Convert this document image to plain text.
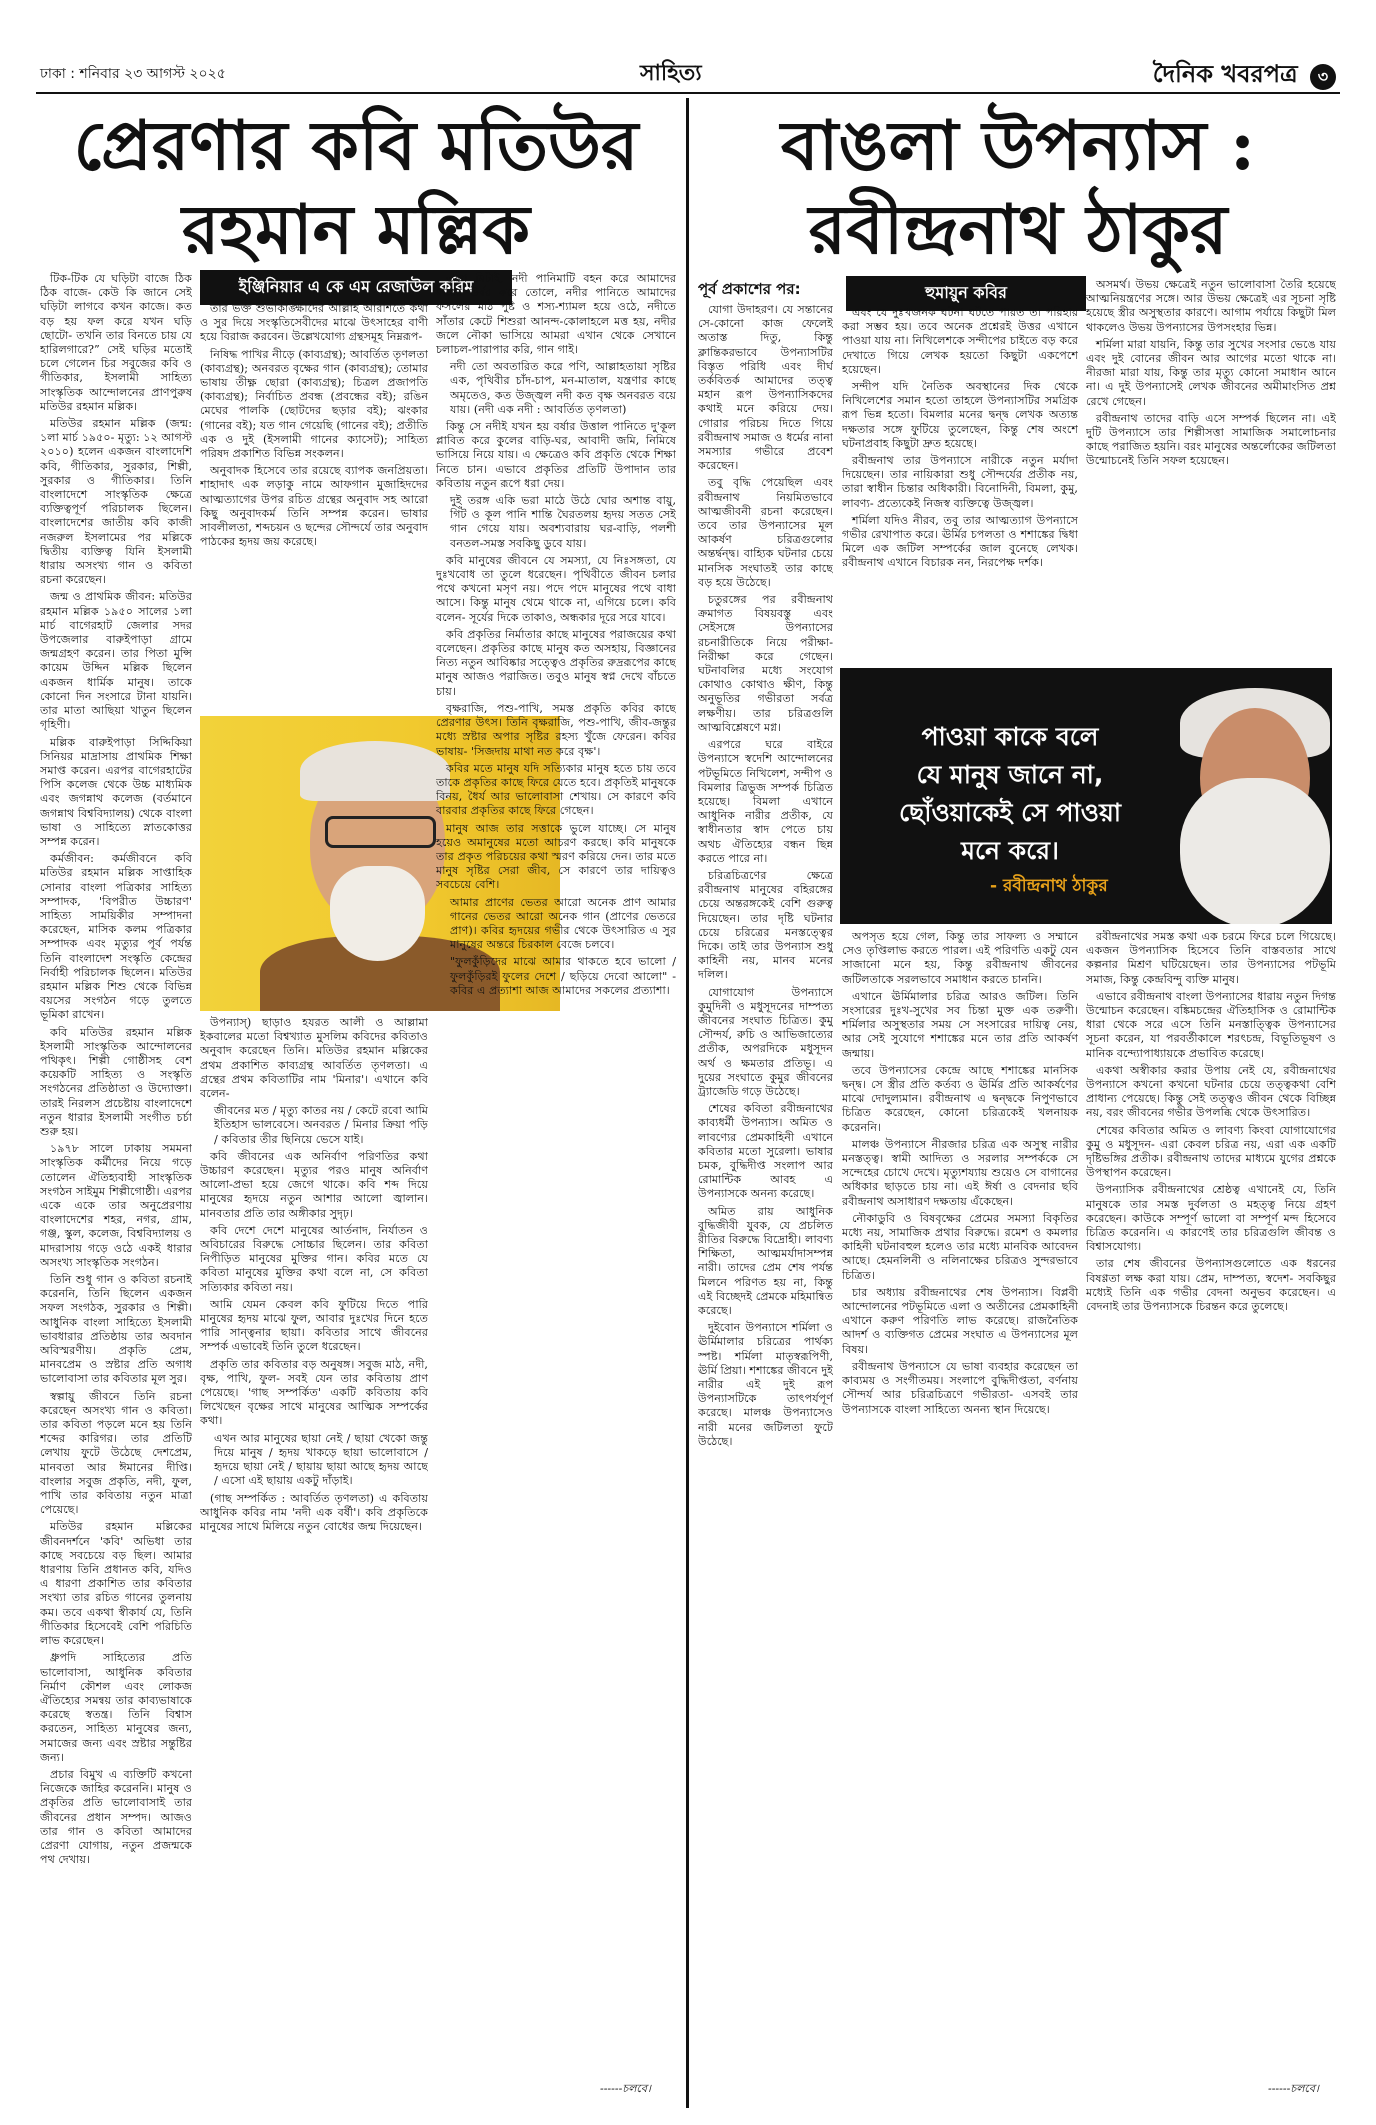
ঢাকা : শনিবার ২৩ আগস্ট ২০২৫	সাহিত্য	দৈনিক খবরপত্র ৩
প্রেরণার কবি মতিউর
রহমান মল্লিক
ইঞ্জিনিয়ার এ কে এম রেজাউল করিম

টিক-টিক যে ঘড়িটা বাজে ঠিক ঠিক বাজে- কেউ কি জানে সেই ঘড়িটা লাগবে কখন কাজে। কত বড় হয় ফল করে যখন ঘড়ি ছোটো- তখনি তার বিনতে চায় যে হারিলগারে?” সেই ঘড়ির মতোই চলে গেলেন চির সবুজের কবি ও গীতিকার, ইসলামী সাহিত্য সাংস্কৃতিক আন্দোলনের প্রাণপুরুষ মতিউর রহমান মল্লিক।

মতিউর রহমান মল্লিক (জন্ম: ১লা মার্চ ১৯৫০- মৃত্যু: ১২ আগস্ট ২০১০) হলেন একজন বাংলাদেশি কবি, গীতিকার, সুরকার, শিল্পী, সুরকার ও গীতিকার। তিনি বাংলাদেশে সাংস্কৃতিক ক্ষেত্রে ব্যক্তিত্বপূর্ণ পরিচালক ছিলেন। বাংলাদেশের জাতীয় কবি কাজী নজরুল ইসলামের পর মল্লিকে দ্বিতীয় ব্যক্তিত্ব যিনি ইসলামী ধারায় অসংখ্য গান ও কবিতা রচনা করেছেন।

জন্ম ও প্রাথমিক জীবন: মতিউর রহমান মল্লিক ১৯৫০ সালের ১লা মার্চ বাগেরহাট জেলার সদর উপজেলার বারুইপাড়া গ্রামে জন্মগ্রহণ করেন। তার পিতা মুন্সি কায়েম উদ্দিন মল্লিক ছিলেন একজন ধার্মিক মানুষ। তাকে কোনো দিন সংসারে টানা যায়নি। তার মাতা আছিয়া খাতুন ছিলেন গৃহিণী।

মল্লিক বারুইপাড়া সিদ্দিকিয়া সিনিয়র মাদ্রাসায় প্রাথমিক শিক্ষা সমাপ্ত করেন। এরপর বাগেরহাটের পিসি কলেজ থেকে উচ্চ মাধ্যমিক এবং জগন্নাথ কলেজ (বর্তমানে জগন্নাথ বিশ্ববিদ্যালয়) থেকে বাংলা ভাষা ও সাহিত্যে স্নাতকোত্তর সম্পন্ন করেন।

কর্মজীবন: কর্মজীবনে কবি মতিউর রহমান মল্লিক সাপ্তাহিক সোনার বাংলা পত্রিকার সাহিত্য সম্পাদক, 'বিপরীত উচ্চারণ' সাহিত্য সাময়িকীর সম্পাদনা করেছেন, মাসিক কলম পত্রিকার সম্পাদক এবং মৃত্যুর পূর্ব পর্যন্ত তিনি বাংলাদেশ সংস্কৃতি কেন্দ্রের নির্বাহী পরিচালক ছিলেন। মতিউর রহমান মল্লিক শিশু থেকে বিভিন্ন বয়সের সংগঠন গড়ে তুলতে ভূমিকা রাখেন।

কবি মতিউর রহমান মল্লিক ইসলামী সাংস্কৃতিক আন্দোলনের পথিকৃৎ। শিল্পী গোষ্ঠীসহ বেশ কয়েকটি সাহিত্য ও সংস্কৃতি সংগঠনের প্রতিষ্ঠাতা ও উদ্যোক্তা। তারই নিরলস প্রচেষ্টায় বাংলাদেশে নতুন ধারার ইসলামী সংগীত চর্চা শুরু হয়।

১৯৭৮ সালে ঢাকায় সমমনা সাংস্কৃতিক কর্মীদের নিয়ে গড়ে তোলেন ঐতিহ্যবাহী সাংস্কৃতিক সংগঠন সাইমুম শিল্পীগোষ্ঠী। এরপর একে একে তার অনুপ্রেরণায় বাংলাদেশের শহর, নগর, গ্রাম, গঞ্জ, স্কুল, কলেজ, বিশ্ববিদ্যালয় ও মাদরাসায় গড়ে ওঠে একই ধারার অসংখ্য সাংস্কৃতিক সংগঠন।

তিনি শুধু গান ও কবিতা রচনাই করেননি, তিনি ছিলেন একজন সফল সংগঠক, সুরকার ও শিল্পী। আধুনিক বাংলা সাহিত্যে ইসলামী ভাবধারার প্রতিষ্ঠায় তার অবদান অবিস্মরণীয়। প্রকৃতি প্রেম, মানবপ্রেম ও স্রষ্টার প্রতি অগাধ ভালোবাসা তার কবিতার মূল সুর।

স্বল্পায়ু জীবনে তিনি রচনা করেছেন অসংখ্য গান ও কবিতা। তার কবিতা পড়লে মনে হয় তিনি শব্দের কারিগর। তার প্রতিটি লেখায় ফুটে উঠেছে দেশপ্রেম, মানবতা আর ঈমানের দীপ্তি। বাংলার সবুজ প্রকৃতি, নদী, ফুল, পাখি তার কবিতায় নতুন মাত্রা পেয়েছে।

মতিউর রহমান মল্লিকের জীবনদর্শনে 'কবি' অভিধা তার কাছে সবচেয়ে বড় ছিল। আমার ধারণায় তিনি প্রধানত কবি, যদিও এ ধারণা প্রকাশিত তার কবিতার সংখ্যা তার রচিত গানের তুলনায় কম। তবে একথা স্বীকার্য যে, তিনি গীতিকার হিসেবেই বেশি পরিচিতি লাভ করেছেন।

ধ্রুপদি সাহিত্যের প্রতি ভালোবাসা, আধুনিক কবিতার নির্মাণ কৌশল এবং লোকজ ঐতিহ্যের সমন্বয় তার কাব্যভাষাকে করেছে স্বতন্ত্র। তিনি বিশ্বাস করতেন, সাহিত্য মানুষের জন্য, সমাজের জন্য এবং স্রষ্টার সন্তুষ্টির জন্য।

প্রচার বিমুখ এ ব্যক্তিটি কখনো নিজেকে জাহির করেননি। মানুষ ও প্রকৃতির প্রতি ভালোবাসাই তার জীবনের প্রধান সম্পদ। আজও তার গান ও কবিতা আমাদের প্রেরণা যোগায়, নতুন প্রজন্মকে পথ দেখায়।

তার ভক্ত শুভাকাঙ্ক্ষীদের আল্লাহ আরশিতে কথা ও সুর দিয়ে সংস্কৃতিসেবীদের মাঝে উৎসাহের বাণী হয়ে বিরাজ করবেন। উল্লেখযোগ্য গ্রন্থসমূহ নিম্নরূপ-

নিষিদ্ধ পাখির নীড়ে (কাব্যগ্রন্থ); আবর্তিত তৃণলতা (কাব্যগ্রন্থ); অনবরত বৃক্ষের গান (কাব্যগ্রন্থ); তোমার ভাষায় তীক্ষ্ণ ছোরা (কাব্যগ্রন্থ); চিত্রল প্রজাপতি (কাব্যগ্রন্থ); নির্বাচিত প্রবন্ধ (প্রবন্ধের বই); রঙিন মেঘের পালকি (ছোটদের ছড়ার বই); ঝংকার (গানের বই); যত গান গেয়েছি (গানের বই); প্রতীতি এক ও দুই (ইসলামী গানের ক্যাসেট); সাহিত্য পরিষদ প্রকাশিত বিভিন্ন সংকলন।

অনুবাদক হিসেবে তার রয়েছে ব্যাপক জনপ্রিয়তা। শাহাদাৎ এক লড়াকু নামে আফগান মুজাহিদদের আত্মত্যাগের উপর রচিত গ্রন্থের অনুবাদ সহ আরো কিছু অনুবাদকর্ম তিনি সম্পন্ন করেন। ভাষার সাবলীলতা, শব্দচয়ন ও ছন্দের সৌন্দর্যে তার অনুবাদ পাঠকের হৃদয় জয় করেছে।

উপন্যাস্) ছাড়াও হযরত আলী ও আল্লামা ইকবালের মতো বিশ্বখ্যাত মুসলিম কবিদের কবিতাও অনুবাদ করেছেন তিনি। মতিউর রহমান মল্লিকের প্রথম প্রকাশিত কাব্যগ্রন্থ আবর্তিত তৃণলতা। এ গ্রন্থের প্রথম কবিতাটির নাম 'মিনার'। এখানে কবি বলেন-

জীবনের মত / মৃত্যু কাতর নয় / কেটে রবো আমি ইতিহাস ভালবেসে। অনবরত / মিনার ক্রিয়া পড়ি / কবিতার তীর ছিনিয়ে ভেসে যাই।

কবি জীবনের এক অনির্বাণ পরিণতির কথা উচ্চারণ করেছেন। মৃত্যুর পরও মানুষ অনির্বাণ আলো-প্রভা হয়ে জেগে থাকে। কবি শব্দ দিয়ে মানুষের হৃদয়ে নতুন আশার আলো জ্বালান। মানবতার প্রতি তার অঙ্গীকার সুদৃঢ়।

কবি দেশে দেশে মানুষের আর্তনাদ, নির্যাতন ও অবিচারের বিরুদ্ধে সোচ্চার ছিলেন। তার কবিতা নিপীড়িত মানুষের মুক্তির গান। কবির মতে যে কবিতা মানুষের মুক্তির কথা বলে না, সে কবিতা সত্যিকার কবিতা নয়।

আমি যেমন কেবল কবি ফুটিয়ে দিতে পারি মানুষের হৃদয় মাঝে ফুল, আবার দুঃখের দিনে হতে পারি সান্ত্বনার ছায়া। কবিতার সাথে জীবনের সম্পর্ক এভাবেই তিনি তুলে ধরেছেন।

প্রকৃতি তার কবিতার বড় অনুষঙ্গ। সবুজ মাঠ, নদী, বৃক্ষ, পাখি, ফুল- সবই যেন তার কবিতায় প্রাণ পেয়েছে। 'গাছ সম্পর্কিত' একটি কবিতায় কবি লিখেছেন বৃক্ষের সাথে মানুষের আত্মিক সম্পর্কের কথা।

এখন আর মানুষের ছায়া নেই / ছায়া খেকো জন্তু দিয়ে মানুষ / হৃদয় খাকড়ে ছায়া ভালোবাসে / হৃদয়ে ছায়া নেই / ছায়ায় ছায়া আছে হৃদয় আছে / এসো এই ছায়ায় একটু দাঁড়াই।

(গাছ সম্পর্কিত : আবর্তিত তৃণলতা) এ কবিতায় আধুনিক কবির নাম 'নদী এক বর্ষী'। কবি প্রকৃতিকে মানুষের সাথে মিলিয়ে নতুন বোধের জন্ম দিয়েছেন।

তৃষ্ণা মিটাই, নদী পানিমাটি বহন করে আমাদের মাঠের উর্বর করে তোলে, নদীর পানিতে আমাদের ফসলের মাঠ পুষ্ট ও শস্য-শ্যামল হয়ে ওঠে, নদীতে সাঁতার কেটে শিশুরা আনন্দ-কোলাহলে মত্ত হয়, নদীর জলে নৌকা ভাসিয়ে আমরা এখান থেকে সেখানে চলাচল-পারাপার করি, গান গাই।

নদী তো অবতারিত করে পণি, আল্লাহতায়া সৃষ্টির এক, পৃথিবীর চাঁদ-চাপ, মন-মাতাল, যন্ত্রণার কাছে অমৃতেও, কত উজ্জ্বল নদী কত বৃক্ষ অনবরত বয়ে যায়। (নদী এক নদী : আবর্তিত তৃণলতা)

কিন্তু সে নদীই যখন হয় বর্ষার উত্তাল পানিতে দু'কূল প্লাবিত করে কুলের বাড়ি-ঘর, আবাদী জমি, নিমিষে ভাসিয়ে নিয়ে যায়। এ ক্ষেত্রেও কবি প্রকৃতি থেকে শিক্ষা নিতে চান। এভাবে প্রকৃতির প্রতিটি উপাদান তার কবিতায় নতুন রূপে ধরা দেয়।

দুই তরঙ্গ একি ভরা মাঠে উঠে ঘোর অশান্ত বায়ু, গিঁট ও কূল পানি শান্তি ঘৈরতলয় হৃদয় সতত সেই গান গেয়ে যায়। অবশ্যবারায় ঘর-বাড়ি, পলশী বনতল-সমস্ত সবকিছু ডুবে যায়।

কবি মানুষের জীবনে যে সমস্যা, যে নিঃসঙ্গতা, যে দুঃখবোধ তা তুলে ধরেছেন। পৃথিবীতে জীবন চলার পথে কখনো মসৃণ নয়। পদে পদে মানুষের পথে বাধা আসে। কিন্তু মানুষ থেমে থাকে না, এগিয়ে চলে। কবি বলেন- সূর্যের দিকে তাকাও, অন্ধকার দূরে সরে যাবে।

কবি প্রকৃতির নির্মাতার কাছে মানুষের পরাজয়ের কথা বলেছেন। প্রকৃতির কাছে মানুষ কত অসহায়, বিজ্ঞানের নিত্য নতুন আবিষ্কার সত্ত্বেও প্রকৃতির রুদ্ররূপের কাছে মানুষ আজও পরাজিত। তবুও মানুষ স্বপ্ন দেখে বাঁচতে চায়।

বৃক্ষরাজি, পশু-পাখি, সমস্ত প্রকৃতি কবির কাছে প্রেরণার উৎস। তিনি বৃক্ষরাজি, পশু-পাখি, জীব-জন্তুর মধ্যে স্রষ্টার অপার সৃষ্টির রহস্য খুঁজে ফেরেন। কবির ভাষায়- 'সিজদায় মাথা নত করে বৃক্ষ'।

কবির মতে মানুষ যদি সত্যিকার মানুষ হতে চায় তবে তাকে প্রকৃতির কাছে ফিরে যেতে হবে। প্রকৃতিই মানুষকে বিনয়, ধৈর্য আর ভালোবাসা শেখায়। সে কারণে কবি বারবার প্রকৃতির কাছে ফিরে গেছেন।

মানুষ আজ তার সত্তাকে ভুলে যাচ্ছে। সে মানুষ হয়েও অমানুষের মতো আচরণ করছে। কবি মানুষকে তার প্রকৃত পরিচয়ের কথা স্মরণ করিয়ে দেন। তার মতে মানুষ সৃষ্টির সেরা জীব, সে কারণে তার দায়িত্বও সবচেয়ে বেশি।

আমার প্রাণের ভেতর আরো অনেক প্রাণ আমার গানের ভেতর আরো অনেক গান (প্রাণের ভেতরে প্রাণ)। কবির হৃদয়ের গভীর থেকে উৎসারিত এ সুর মানুষের অন্তরে চিরকাল বেজে চলবে।

"ফুলকুঁড়িদের মাঝে আমার থাকতে হবে ভালো / ফুলকুঁড়িরই ফুলের দেশে / ছড়িয়ে দেবো আলো" - কবির এ প্রত্যাশা আজ আমাদের সকলের প্রত্যাশা।

------চলবে।
বাঙলা উপন্যাস :
রবীন্দ্রনাথ ঠাকুর
পূর্ব প্রকাশের পর:

যোগা উদাহরণ। যে সন্তানের সে-কোনো কাজ ফেলেই অতাস্ত দিতু, কিন্তু ক্লান্তিকরভাবে উপন্যাসটির বিস্তৃত পরিধি এবং দীর্ঘ তর্কবিতর্ক আমাদের তত্ত্ব মহান রূপ উপন্যাসিকদের কথাই মনে করিয়ে দেয়। গোরার পরিচয় দিতে গিয়ে রবীন্দ্রনাথ সমাজ ও ধর্মের নানা সমস্যার গভীরে প্রবেশ করেছেন।

তবু বৃদ্ধি পেয়েছিল এবং রবীন্দ্রনাথ নিয়মিতভাবে আত্মজীবনী রচনা করেছেন। তবে তার উপন্যাসের মূল আকর্ষণ চরিত্রগুলোর অন্তর্দ্বন্দ্ব। বাহ্যিক ঘটনার চেয়ে মানসিক সংঘাতই তার কাছে বড় হয়ে উঠেছে।

চতুরঙ্গের পর রবীন্দ্রনাথ ক্রমাগত বিষয়বস্তু এবং সেইসঙ্গে উপন্যাসের রচনারীতিকে নিয়ে পরীক্ষা-নিরীক্ষা করে গেছেন। ঘটনাবলির মধ্যে সংযোগ কোথাও কোথাও ক্ষীণ, কিন্তু অনুভূতির গভীরতা সর্বত্র লক্ষণীয়। তার চরিত্রগুলি আত্মবিশ্লেষণে মগ্ন।

এরপরে ঘরে বাইরে উপন্যাসে স্বদেশি আন্দোলনের পটভূমিতে নিখিলেশ, সন্দীপ ও বিমলার ত্রিভুজ সম্পর্ক চিত্রিত হয়েছে। বিমলা এখানে আধুনিক নারীর প্রতীক, যে স্বাধীনতার স্বাদ পেতে চায় অথচ ঐতিহ্যের বন্ধন ছিন্ন করতে পারে না।

চরিত্রচিত্রণের ক্ষেত্রে রবীন্দ্রনাথ মানুষের বহিরঙ্গের চেয়ে অন্তরঙ্গকেই বেশি গুরুত্ব দিয়েছেন। তার দৃষ্টি ঘটনার চেয়ে চরিত্রের মনস্তত্ত্বের দিকে। তাই তার উপন্যাস শুধু কাহিনী নয়, মানব মনের দলিল।

যোগাযোগ উপন্যাসে কুমুদিনী ও মধুসূদনের দাম্পত্য জীবনের সংঘাত চিত্রিত। কুমু সৌন্দর্য, রুচি ও আভিজাত্যের প্রতীক, অপরদিকে মধুসূদন অর্থ ও ক্ষমতার প্রতিভূ। এ দুয়ের সংঘাতে কুমুর জীবনের ট্র্যাজেডি গড়ে উঠেছে।

শেষের কবিতা রবীন্দ্রনাথের কাব্যধর্মী উপন্যাস। অমিত ও লাবণ্যের প্রেমকাহিনী এখানে কবিতার মতো সুরেলা। ভাষার চমক, বুদ্ধিদীপ্ত সংলাপ আর রোমান্টিক আবহ এ উপন্যাসকে অনন্য করেছে।

অমিত রায় আধুনিক বুদ্ধিজীবী যুবক, যে প্রচলিত রীতির বিরুদ্ধে বিদ্রোহী। লাবণ্য শিক্ষিতা, আত্মমর্যাদাসম্পন্ন নারী। তাদের প্রেম শেষ পর্যন্ত মিলনে পরিণত হয় না, কিন্তু এই বিচ্ছেদই প্রেমকে মহিমান্বিত করেছে।

দুইবোন উপন্যাসে শর্মিলা ও ঊর্মিমালার চরিত্রের পার্থক্য স্পষ্ট। শর্মিলা মাতৃস্বরূপিণী, ঊর্মি প্রিয়া। শশাঙ্কের জীবনে দুই নারীর এই দুই রূপ উপন্যাসটিকে তাৎপর্যপূর্ণ করেছে। মালঞ্চ উপন্যাসেও নারী মনের জটিলতা ফুটে উঠেছে।

হুমায়ুন কবির

এবং যে দুঃখজনক ঘটনা ঘটতে পারত তা পরিহার করা সম্ভব হয়। তবে অনেক প্রশ্নেরই উত্তর এখানে পাওয়া যায় না। নিখিলেশকে সন্দীপের চাইতে বড় করে দেখাতে গিয়ে লেখক হয়তো কিছুটা একপেশে হয়েছেন।

সন্দীপ যদি নৈতিক অবস্থানের দিক থেকে নিখিলেশের সমান হতো তাহলে উপন্যাসটির সমগ্রিক রূপ ভিন্ন হতো। বিমলার মনের দ্বন্দ্ব লেখক অত্যন্ত দক্ষতার সঙ্গে ফুটিয়ে তুলেছেন, কিন্তু শেষ অংশে ঘটনাপ্রবাহ কিছুটা দ্রুত হয়েছে।

রবীন্দ্রনাথ তার উপন্যাসে নারীকে নতুন মর্যাদা দিয়েছেন। তার নায়িকারা শুধু সৌন্দর্যের প্রতীক নয়, তারা স্বাধীন চিন্তার অধিকারী। বিনোদিনী, বিমলা, কুমু, লাবণ্য- প্রত্যেকেই নিজস্ব ব্যক্তিত্বে উজ্জ্বল।

শর্মিলা যদিও নীরব, তবু তার আত্মত্যাগ উপন্যাসে গভীর রেখাপাত করে। ঊর্মির চপলতা ও শশাঙ্কের দ্বিধা মিলে এক জটিল সম্পর্কের জাল বুনেছে লেখক। রবীন্দ্রনাথ এখানে বিচারক নন, নিরপেক্ষ দর্শক।

পাওয়া কাকে বলে
যে মানুষ জানে না,
ছোঁওয়াকেই সে পাওয়া
মনে করে।
- রবীন্দ্রনাথ ঠাকুর

অপসৃত হয়ে গেল, কিন্তু তার সাফল্য ও সম্মানে সেও তৃপ্তিলাভ করতে পারল। এই পরিণতি একটু যেন সাজানো মনে হয়, কিন্তু রবীন্দ্রনাথ জীবনের জটিলতাকে সরলভাবে সমাধান করতে চাননি।

এখানে ঊর্মিমালার চরিত্র আরও জটিল। তিনি সংসারের দুঃখ-সুখের সব চিন্তা মুক্ত এক তরুণী। শর্মিলার অসুস্থতার সময় সে সংসারের দায়িত্ব নেয়, আর সেই সুযোগে শশাঙ্কের মনে তার প্রতি আকর্ষণ জন্মায়।

তবে উপন্যাসের কেন্দ্রে আছে শশাঙ্কের মানসিক দ্বন্দ্ব। সে স্ত্রীর প্রতি কর্তব্য ও ঊর্মির প্রতি আকর্ষণের মাঝে দোদুল্যমান। রবীন্দ্রনাথ এ দ্বন্দ্বকে নিপুণভাবে চিত্রিত করেছেন, কোনো চরিত্রকেই খলনায়ক করেননি।

মালঞ্চ উপন্যাসে নীরজার চরিত্র এক অসুস্থ নারীর মনস্তত্ত্ব। স্বামী আদিত্য ও সরলার সম্পর্ককে সে সন্দেহের চোখে দেখে। মৃত্যুশয্যায় শুয়েও সে বাগানের অধিকার ছাড়তে চায় না। এই ঈর্ষা ও বেদনার ছবি রবীন্দ্রনাথ অসাধারণ দক্ষতায় এঁকেছেন।

নৌকাডুবি ও বিষবৃক্ষের প্রেমের সমস্যা বিকৃতির মধ্যে নয়, সামাজিক প্রথার বিরুদ্ধে। রমেশ ও কমলার কাহিনী ঘটনাবহুল হলেও তার মধ্যে মানবিক আবেদন আছে। হেমনলিনী ও নলিনাক্ষের চরিত্রও সুন্দরভাবে চিত্রিত।

চার অধ্যায় রবীন্দ্রনাথের শেষ উপন্যাস। বিপ্লবী আন্দোলনের পটভূমিতে এলা ও অতীনের প্রেমকাহিনী এখানে করুণ পরিণতি লাভ করেছে। রাজনৈতিক আদর্শ ও ব্যক্তিগত প্রেমের সংঘাত এ উপন্যাসের মূল বিষয়।

রবীন্দ্রনাথ উপন্যাসে যে ভাষা ব্যবহার করেছেন তা কাব্যময় ও সংগীতময়। সংলাপে বুদ্ধিদীপ্ততা, বর্ণনায় সৌন্দর্য আর চরিত্রচিত্রণে গভীরতা- এসবই তার উপন্যাসকে বাংলা সাহিত্যে অনন্য স্থান দিয়েছে।

অসমর্থ। উভয় ক্ষেত্রেই নতুন ভালোবাসা তৈরি হয়েছে আত্মনিয়ন্ত্রণের সঙ্গে। আর উভয় ক্ষেত্রেই এর সূচনা সৃষ্টি হয়েছে স্ত্রীর অসুস্থতার কারণে। আগাম পর্যায়ে কিছুটা মিল থাকলেও উভয় উপন্যাসের উপসংহার ভিন্ন।

শর্মিলা মারা যায়নি, কিন্তু তার সুখের সংসার ভেঙে যায় এবং দুই বোনের জীবন আর আগের মতো থাকে না। নীরজা মারা যায়, কিন্তু তার মৃত্যু কোনো সমাধান আনে না। এ দুই উপন্যাসেই লেখক জীবনের অমীমাংসিত প্রশ্ন রেখে গেছেন।

রবীন্দ্রনাথ তাদের বাড়ি এসে সম্পর্ক ছিলেন না। এই দুটি উপন্যাসে তার শিল্পীসত্তা সামাজিক সমালোচনার কাছে পরাজিত হয়নি। বরং মানুষের অন্তর্লোকের জটিলতা উন্মোচনেই তিনি সফল হয়েছেন।

রবীন্দ্রনাথের সমস্ত কথা এক চরমে ফিরে চলে গিয়েছে। একজন উপন্যাসিক হিসেবে তিনি বাস্তবতার সাথে কল্পনার মিশ্রণ ঘটিয়েছেন। তার উপন্যাসের পটভূমি সমাজ, কিন্তু কেন্দ্রবিন্দু ব্যক্তি মানুষ।

এভাবে রবীন্দ্রনাথ বাংলা উপন্যাসের ধারায় নতুন দিগন্ত উন্মোচন করেছেন। বঙ্কিমচন্দ্রের ঐতিহাসিক ও রোমান্টিক ধারা থেকে সরে এসে তিনি মনস্তাত্ত্বিক উপন্যাসের সূচনা করেন, যা পরবর্তীকালে শরৎচন্দ্র, বিভূতিভূষণ ও মানিক বন্দ্যোপাধ্যায়কে প্রভাবিত করেছে।

একথা অস্বীকার করার উপায় নেই যে, রবীন্দ্রনাথের উপন্যাসে কখনো কখনো ঘটনার চেয়ে তত্ত্বকথা বেশি প্রাধান্য পেয়েছে। কিন্তু সেই তত্ত্বও জীবন থেকে বিচ্ছিন্ন নয়, বরং জীবনের গভীর উপলব্ধি থেকে উৎসারিত।

শেষের কবিতার অমিত ও লাবণ্য কিংবা যোগাযোগের কুমু ও মধুসূদন- এরা কেবল চরিত্র নয়, এরা এক একটি দৃষ্টিভঙ্গির প্রতীক। রবীন্দ্রনাথ তাদের মাধ্যমে যুগের প্রশ্নকে উপস্থাপন করেছেন।

উপন্যাসিক রবীন্দ্রনাথের শ্রেষ্ঠত্ব এখানেই যে, তিনি মানুষকে তার সমস্ত দুর্বলতা ও মহত্ত্ব নিয়ে গ্রহণ করেছেন। কাউকে সম্পূর্ণ ভালো বা সম্পূর্ণ মন্দ হিসেবে চিত্রিত করেননি। এ কারণেই তার চরিত্রগুলি জীবন্ত ও বিশ্বাসযোগ্য।

তার শেষ জীবনের উপন্যাসগুলোতে এক ধরনের বিষণ্ণতা লক্ষ করা যায়। প্রেম, দাম্পত্য, স্বদেশ- সবকিছুর মধ্যেই তিনি এক গভীর বেদনা অনুভব করেছেন। এ বেদনাই তার উপন্যাসকে চিরন্তন করে তুলেছে।

------চলবে।
